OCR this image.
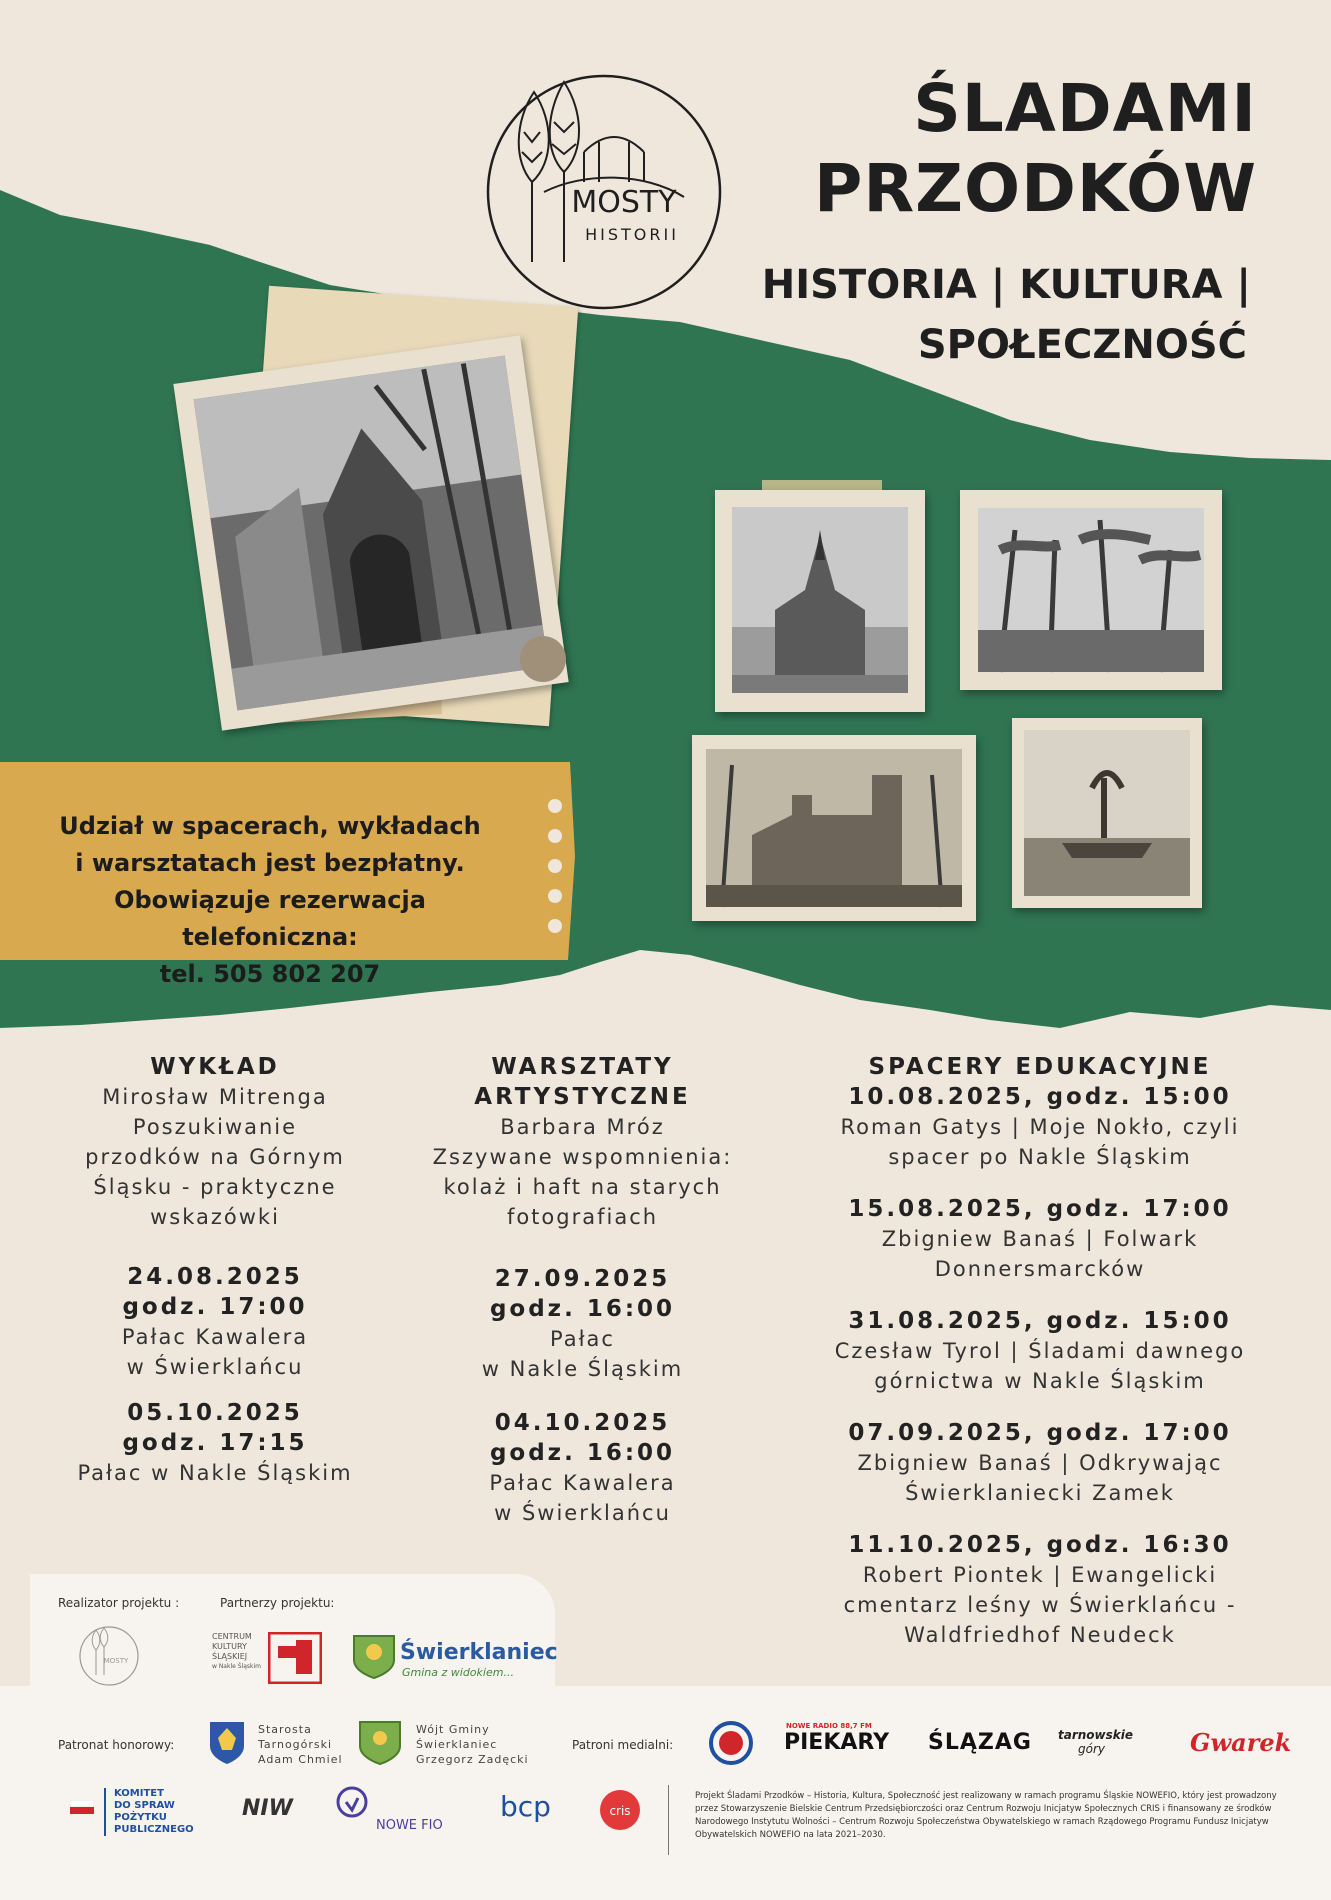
MOSTY
HISTORII
ŚLADAMI
PRZODKÓW
HISTORIA | KULTURA |
SPOŁECZNOŚĆ
Udział w spacerach, wykładach
i warsztatach jest bezpłatny.
Obowiązuje rezerwacja telefoniczna:
tel. 505 802 207

WYKŁAD

Mirosław Mitrenga

Poszukiwanie

przodków na Górnym

Śląsku - praktyczne

wskazówki

24.08.2025

godz. 17:00

Pałac Kawalera

w Świerklańcu

05.10.2025

godz. 17:15

Pałac w Nakle Śląskim

WARSZTATY

ARTYSTYCZNE

Barbara Mróz

Zszywane wspomnienia:

kolaż i haft na starych

fotografiach

27.09.2025

godz. 16:00

Pałac

w Nakle Śląskim

04.10.2025

godz. 16:00

Pałac Kawalera

w Świerklańcu

SPACERY EDUKACYJNE

10.08.2025, godz. 15:00

Roman Gatys | Moje Nokło, czyli

spacer po Nakle Śląskim

15.08.2025, godz. 17:00

Zbigniew Banaś | Folwark

Donnersmarcków

31.08.2025, godz. 15:00

Czesław Tyrol | Śladami dawnego

górnictwa w Nakle Śląskim

07.09.2025, godz. 17:00

Zbigniew Banaś | Odkrywając

Świerklaniecki Zamek

11.10.2025, godz. 16:30

Robert Piontek | Ewangelicki

cmentarz leśny w Świerklańcu -

Waldfriedhof Neudeck

Realizator projektu :	Partnerzy projektu:
MOSTY
CENTRUM
KULTURY
ŚLĄSKIEJ
w Nakle Śląskim
Świerklaniec
Gmina z widokiem...
Patronat honorowy:
Starosta
Tarnogórski
Adam Chmiel
Wójt Gminy
Świerklaniec
Grzegorz Zadęcki
Patroni medialni:
NOWE RADIO 88,7 FM
PIEKARY ŚLĄZAG tarnowskie
góry	Gwarek
KOMITET
DO SPRAW
POŻYTKU
PUBLICZNEGO
NIW
NOWE FIO
bcp	cris
Projekt Śladami Przodków – Historia, Kultura, Społeczność jest realizowany w ramach programu Śląskie NOWEFIO, który jest prowadzony przez Stowarzyszenie Bielskie Centrum Przedsiębiorczości oraz Centrum Rozwoju Inicjatyw Społecznych CRIS i finansowany ze środków Narodowego Instytutu Wolności – Centrum Rozwoju Społeczeństwa Obywatelskiego w ramach Rządowego Programu Fundusz Inicjatyw Obywatelskich NOWEFIO na lata 2021–2030.
